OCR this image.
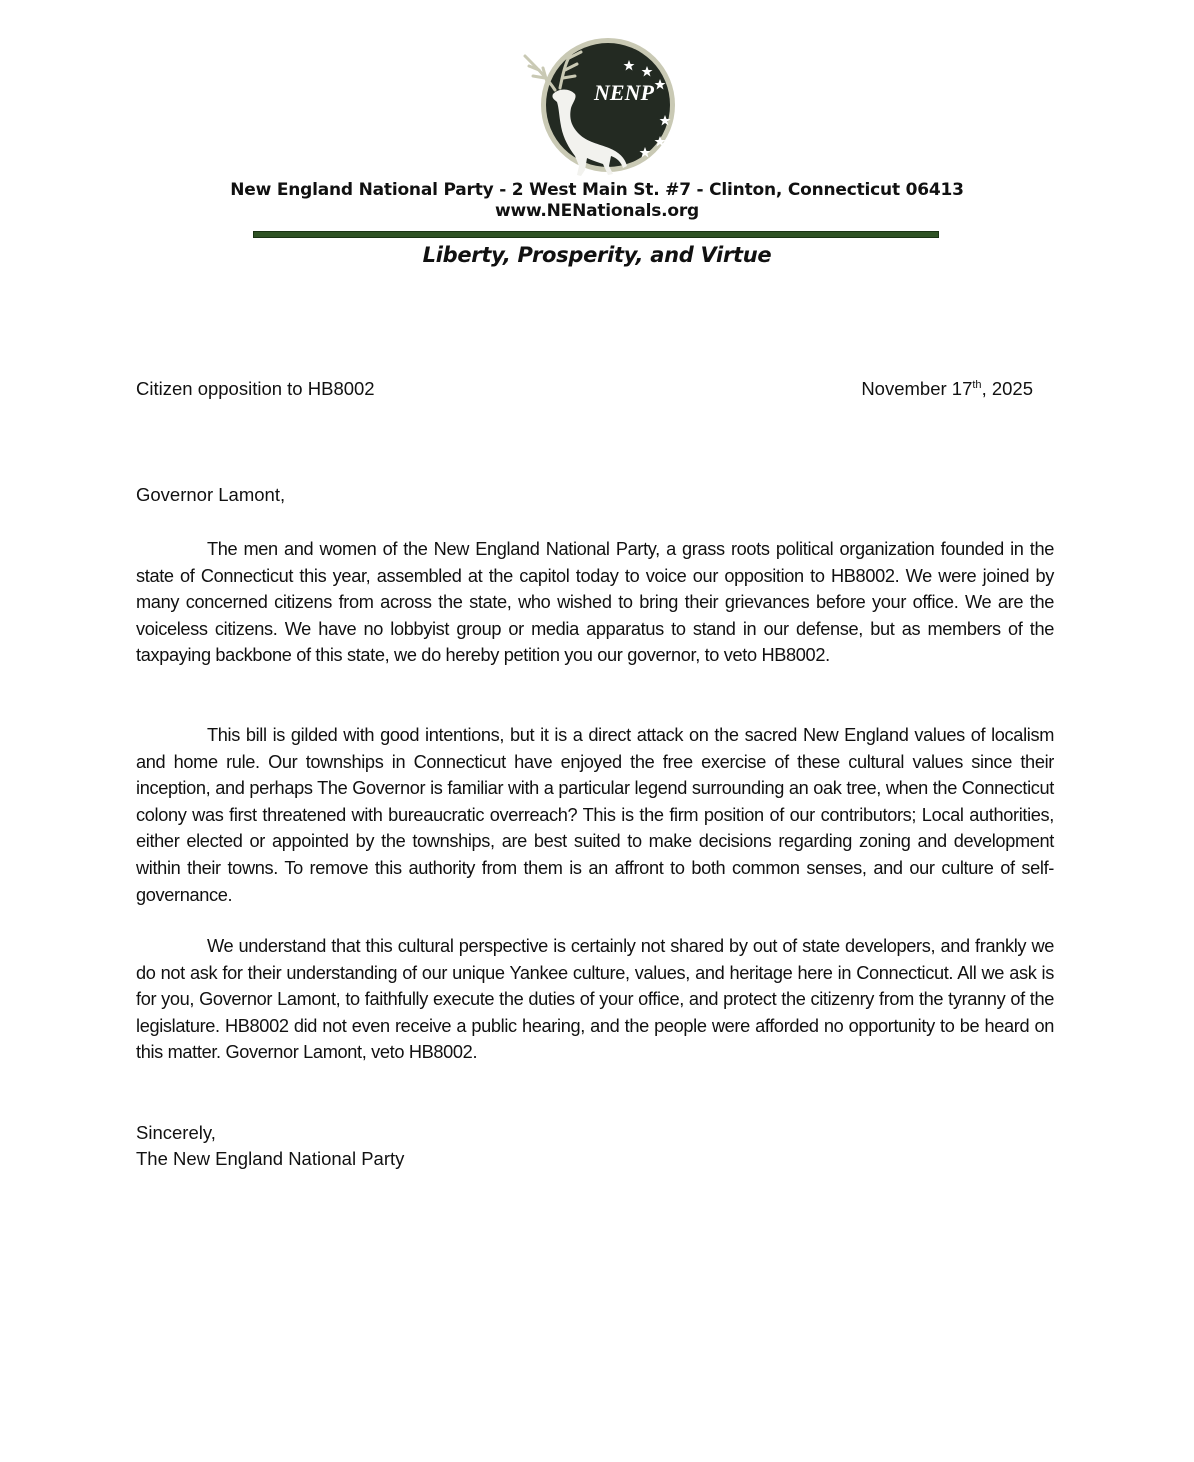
NENP
New England National Party - 2 West Main St. #7 - Clinton, Connecticut 06413
www.NENationals.org
Liberty, Prosperity, and Virtue
Citizen opposition to HB8002	November 17th, 2025
Governor Lamont,
The men and women of the New England National Party, a grass roots political organization founded in the state of Connecticut this year, assembled at the capitol today to voice our opposition to HB8002. We were joined by many concerned citizens from across the state, who wished to bring their grievances before your office. We are the voiceless citizens. We have no lobbyist group or media apparatus to stand in our defense, but as members of the taxpaying backbone of this state, we do hereby petition you our governor, to veto HB8002.
This bill is gilded with good intentions, but it is a direct attack on the sacred New England values of localism and home rule. Our townships in Connecticut have enjoyed the free exercise of these cultural values since their inception, and perhaps The Governor is familiar with a particular legend surrounding an oak tree, when the Connecticut colony was first threatened with bureaucratic overreach? This is the firm position of our contributors; Local authorities, either elected or appointed by the townships, are best suited to make decisions regarding zoning and development within their towns. To remove this authority from them is an affront to both common senses, and our culture of self-governance.
We understand that this cultural perspective is certainly not shared by out of state developers, and frankly we do not ask for their understanding of our unique Yankee culture, values, and heritage here in Connecticut. All we ask is for you, Governor Lamont, to faithfully execute the duties of your office, and protect the citizenry from the tyranny of the legislature. HB8002 did not even receive a public hearing, and the people were afforded no opportunity to be heard on this matter. Governor Lamont, veto HB8002.
Sincerely,
The New England National Party
